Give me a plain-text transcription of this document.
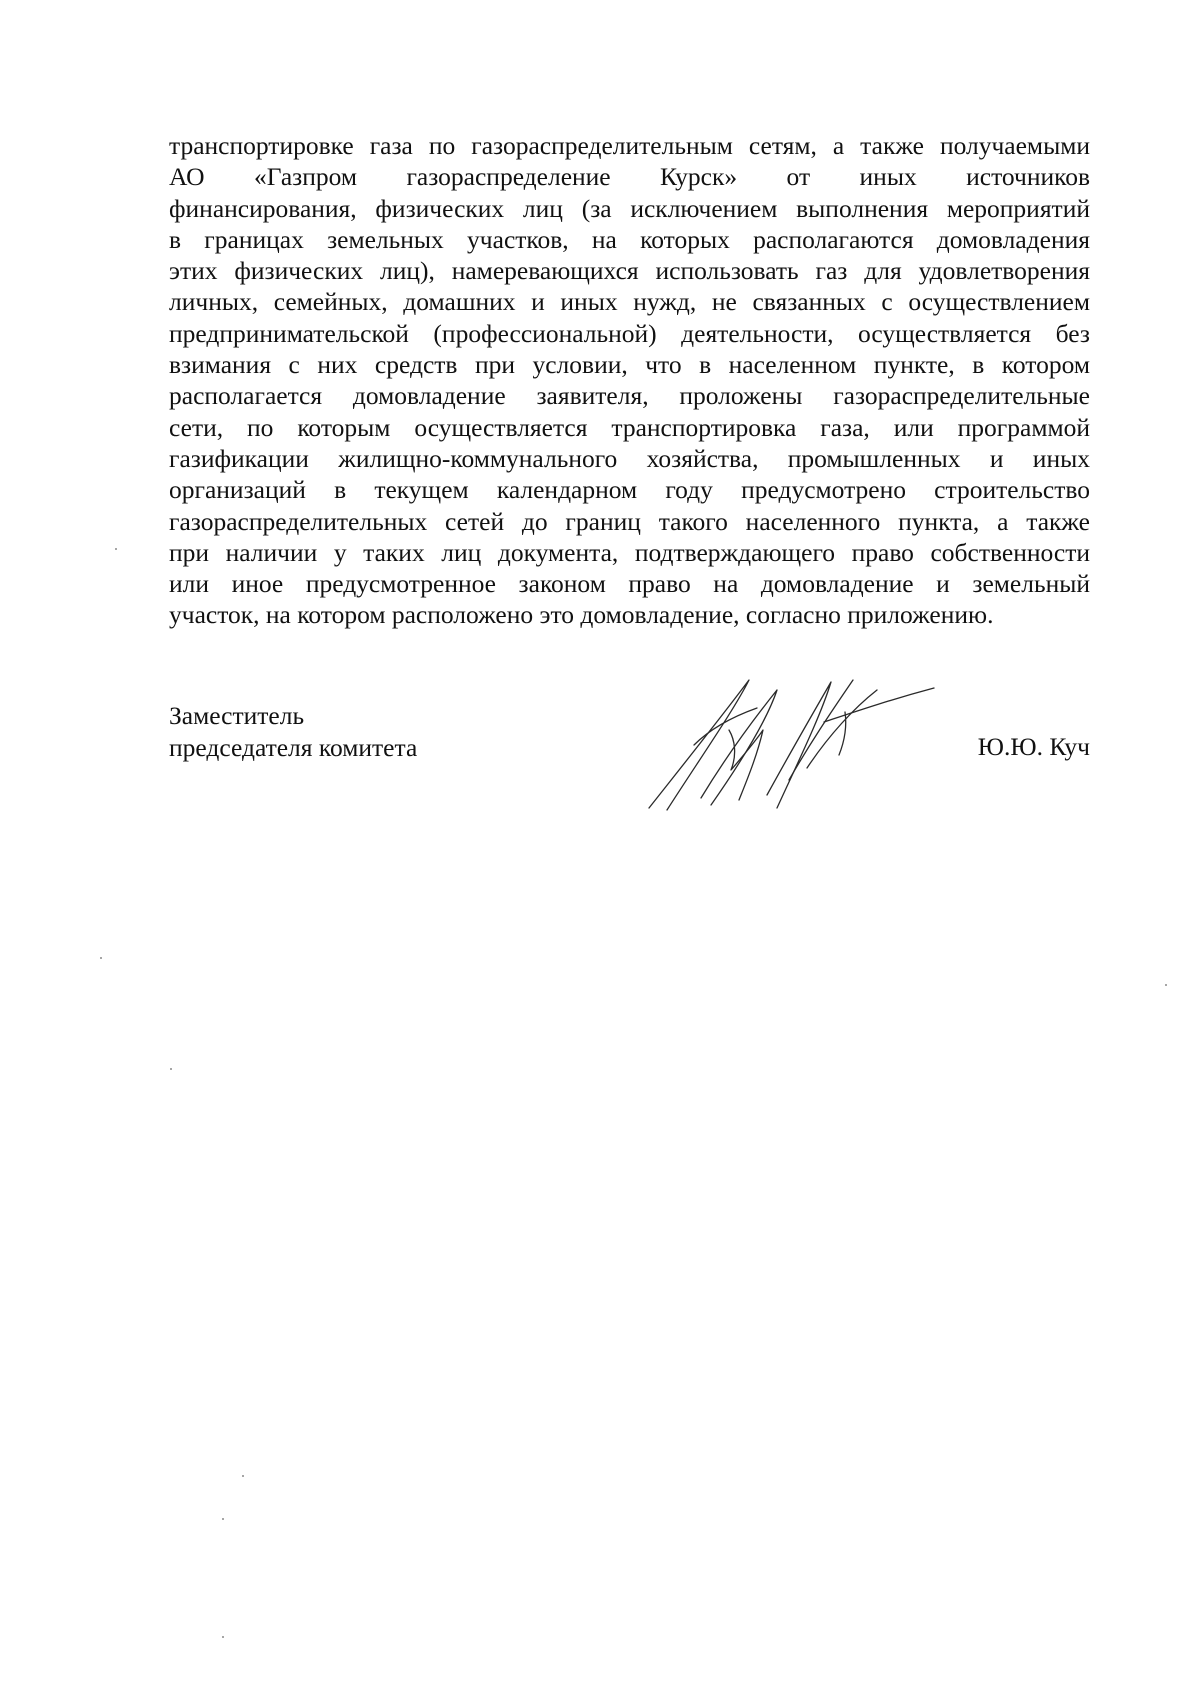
транспортировке газа по газораспределительным сетям, а также получаемыми
АО «Газпром газораспределение Курск» от иных источников
финансирования, физических лиц (за исключением выполнения мероприятий
в границах земельных участков, на которых располагаются домовладения
этих физических лиц), намеревающихся использовать газ для удовлетворения
личных, семейных, домашних и иных нужд, не связанных с осуществлением
предпринимательской (профессиональной) деятельности, осуществляется без
взимания с них средств при условии, что в населенном пункте, в котором
располагается домовладение заявителя, проложены газораспределительные
сети, по которым осуществляется транспортировка газа, или программой
газификации жилищно-коммунального хозяйства, промышленных и иных
организаций в текущем календарном году предусмотрено строительство
газораспределительных сетей до границ такого населенного пункта, а также
при наличии у таких лиц документа, подтверждающего право собственности
или иное предусмотренное законом право на домовладение и земельный
участок, на котором расположено это домовладение, согласно приложению.
Заместитель
председателя комитета	Ю.Ю. Куч
